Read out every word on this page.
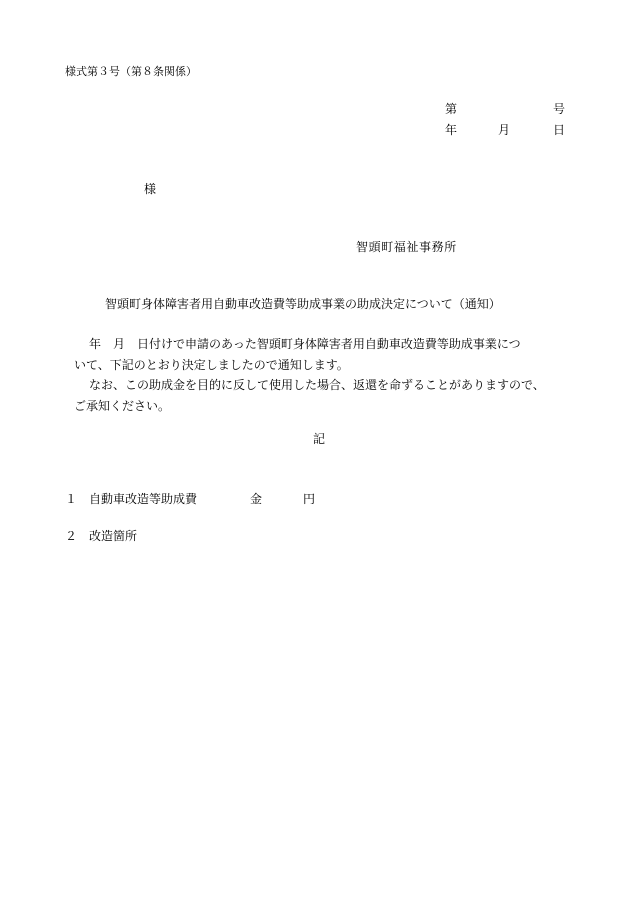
様式第３号（第８条関係）
第	号
年	月	日
様
智頭町福祉事務所
智頭町身体障害者用自動車改造費等助成事業の助成決定について（通知）
年　月　日付けで申請のあった智頭町身体障害者用自動車改造費等助成事業につ
いて、下記のとおり決定しましたので通知します。
なお、この助成金を目的に反して使用した場合、返還を命ずることがありますので、
ご承知ください。
記
１ 自動車改造等助成費	金	円
２ 改造箇所
